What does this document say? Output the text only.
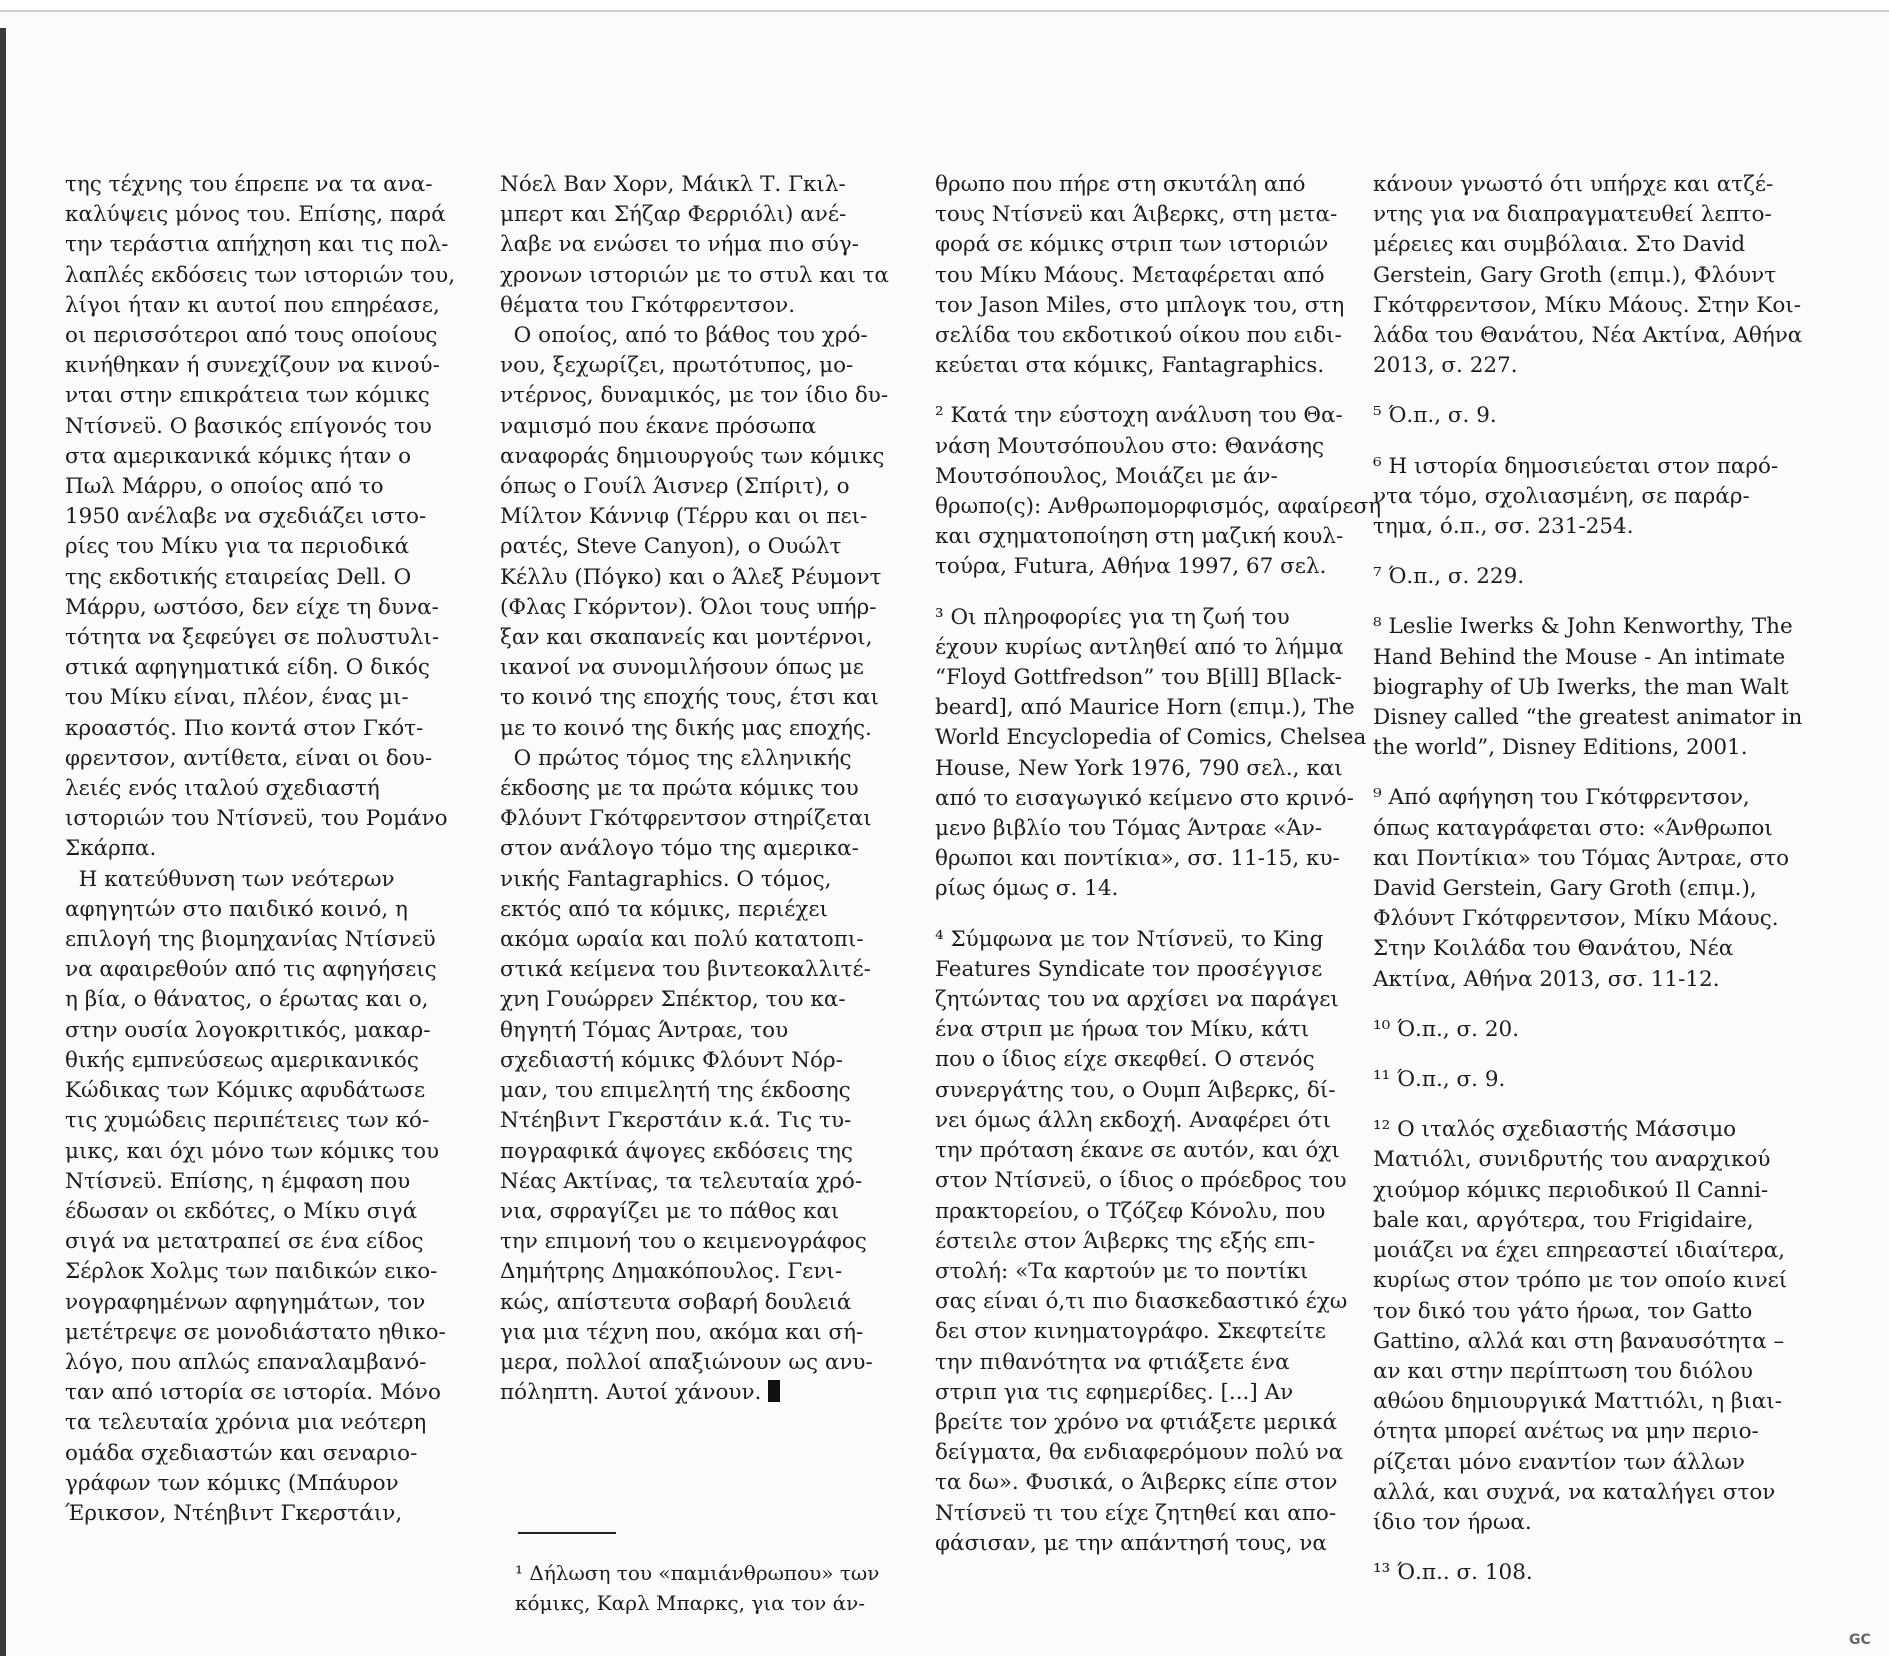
της τέχνης του έπρεπε να τα ανα-

καλύψεις μόνος του. Επίσης, παρά

την τεράστια απήχηση και τις πολ-

λαπλές εκδόσεις των ιστοριών του,

λίγοι ήταν κι αυτοί που επηρέασε,

οι περισσότεροι από τους οποίους

κινήθηκαν ή συνεχίζουν να κινού-

νται στην επικράτεια των κόμικς

Ντίσνεϋ. Ο βασικός επίγονός του

στα αμερικανικά κόμικς ήταν ο

Πωλ Μάρρυ, ο οποίος από το

1950 ανέλαβε να σχεδιάζει ιστο-

ρίες του Μίκυ για τα περιοδικά

της εκδοτικής εταιρείας Dell. Ο

Μάρρυ, ωστόσο, δεν είχε τη δυνα-

τότητα να ξεφεύγει σε πολυστυλι-

στικά αφηγηματικά είδη. Ο δικός

του Μίκυ είναι, πλέον, ένας μι-

κροαστός. Πιο κοντά στον Γκότ-

φρεντσον, αντίθετα, είναι οι δου-

λειές ενός ιταλού σχεδιαστή

ιστοριών του Ντίσνεϋ, του Ρομάνο

Σκάρπα.

Η κατεύθυνση των νεότερων

αφηγητών στο παιδικό κοινό, η

επιλογή της βιομηχανίας Ντίσνεϋ

να αφαιρεθούν από τις αφηγήσεις

η βία, ο θάνατος, ο έρωτας και ο,

στην ουσία λογοκριτικός, μακαρ-

θικής εμπνεύσεως αμερικανικός

Κώδικας των Κόμικς αφυδάτωσε

τις χυμώδεις περιπέτειες των κό-

μικς, και όχι μόνο των κόμικς του

Ντίσνεϋ. Επίσης, η έμφαση που

έδωσαν οι εκδότες, ο Μίκυ σιγά

σιγά να μετατραπεί σε ένα είδος

Σέρλοκ Χολμς των παιδικών εικο-

νογραφημένων αφηγημάτων, τον

μετέτρεψε σε μονοδιάστατο ηθικο-

λόγο, που απλώς επαναλαμβανό-

ταν από ιστορία σε ιστορία. Μόνο

τα τελευταία χρόνια μια νεότερη

ομάδα σχεδιαστών και σεναριο-

γράφων των κόμικς (Μπάυρον

Έρικσον, Ντέηβιντ Γκερστάιν,

Νόελ Βαν Χορν, Μάικλ Τ. Γκιλ-

μπερτ και Σήζαρ Φερριόλι) ανέ-

λαβε να ενώσει το νήμα πιο σύγ-

χρονων ιστοριών με το στυλ και τα

θέματα του Γκότφρεντσον.

Ο οποίος, από το βάθος του χρό-

νου, ξεχωρίζει, πρωτότυπος, μο-

ντέρνος, δυναμικός, με τον ίδιο δυ-

ναμισμό που έκανε πρόσωπα

αναφοράς δημιουργούς των κόμικς

όπως ο Γουίλ Άισνερ (Σπίριτ), ο

Μίλτον Κάννιφ (Τέρρυ και οι πει-

ρατές, Steve Canyon), ο Ουώλτ

Κέλλυ (Πόγκο) και ο Άλεξ Ρέυμοντ

(Φλας Γκόρντον). Όλοι τους υπήρ-

ξαν και σκαπανείς και μοντέρνοι,

ικανοί να συνομιλήσουν όπως με

το κοινό της εποχής τους, έτσι και

με το κοινό της δικής μας εποχής.

Ο πρώτος τόμος της ελληνικής

έκδοσης με τα πρώτα κόμικς του

Φλόυντ Γκότφρεντσον στηρίζεται

στον ανάλογο τόμο της αμερικα-

νικής Fantagraphics. Ο τόμος,

εκτός από τα κόμικς, περιέχει

ακόμα ωραία και πολύ κατατοπι-

στικά κείμενα του βιντεοκαλλιτέ-

χνη Γουώρρεν Σπέκτορ, του κα-

θηγητή Τόμας Άντραε, του

σχεδιαστή κόμικς Φλόυντ Νόρ-

μαν, του επιμελητή της έκδοσης

Ντέηβιντ Γκερστάιν κ.ά. Τις τυ-

πογραφικά άψογες εκδόσεις της

Νέας Ακτίνας, τα τελευταία χρό-

νια, σφραγίζει με το πάθος και

την επιμονή του ο κειμενογράφος

Δημήτρης Δημακόπουλος. Γενι-

κώς, απίστευτα σοβαρή δουλειά

για μια τέχνη που, ακόμα και σή-

μερα, πολλοί απαξιώνουν ως ανυ-

πόληπτη. Αυτοί χάνουν.

θρωπο που πήρε στη σκυτάλη από

τους Ντίσνεϋ και Άιβερκς, στη μετα-

φορά σε κόμικς στριπ των ιστοριών

του Μίκυ Μάους. Μεταφέρεται από

τον Jason Miles, στο μπλογκ του, στη

σελίδα του εκδοτικού οίκου που ειδι-

κεύεται στα κόμικς, Fantagraphics.

² Κατά την εύστοχη ανάλυση του Θα-

νάση Μουτσόπουλου στο: Θανάσης

Μουτσόπουλος, Μοιάζει με άν-

θρωπο(ς): Ανθρωπομορφισμός, αφαίρεση

και σχηματοποίηση στη μαζική κουλ-

τούρα, Futura, Αθήνα 1997, 67 σελ.

³ Οι πληροφορίες για τη ζωή του

έχουν κυρίως αντληθεί από το λήμμα

“Floyd Gottfredson” του B[ill] B[lack-

beard], από Maurice Horn (επιμ.), The

World Encyclopedia of Comics, Chelsea

House, New York 1976, 790 σελ., και

από το εισαγωγικό κείμενο στο κρινό-

μενο βιβλίο του Τόμας Άντραε «Άν-

θρωποι και ποντίκια», σσ. 11-15, κυ-

ρίως όμως σ. 14.

⁴ Σύμφωνα με τον Ντίσνεϋ, το King

Features Syndicate τον προσέγγισε

ζητώντας του να αρχίσει να παράγει

ένα στριπ με ήρωα τον Μίκυ, κάτι

που ο ίδιος είχε σκεφθεί. Ο στενός

συνεργάτης του, ο Ουμπ Άιβερκς, δί-

νει όμως άλλη εκδοχή. Αναφέρει ότι

την πρόταση έκανε σε αυτόν, και όχι

στον Ντίσνεϋ, ο ίδιος ο πρόεδρος του

πρακτορείου, ο Τζόζεφ Κόνολυ, που

έστειλε στον Άιβερκς της εξής επι-

στολή: «Τα καρτούν με το ποντίκι

σας είναι ό,τι πιο διασκεδαστικό έχω

δει στον κινηματογράφο. Σκεφτείτε

την πιθανότητα να φτιάξετε ένα

στριπ για τις εφημερίδες. [...] Αν

βρείτε τον χρόνο να φτιάξετε μερικά

δείγματα, θα ενδιαφερόμουν πολύ να

τα δω». Φυσικά, ο Άιβερκς είπε στον

Ντίσνεϋ τι του είχε ζητηθεί και απο-

φάσισαν, με την απάντησή τους, να

κάνουν γνωστό ότι υπήρχε και ατζέ-

ντης για να διαπραγματευθεί λεπτο-

μέρειες και συμβόλαια. Στο David

Gerstein, Gary Groth (επιμ.), Φλόυντ

Γκότφρεντσον, Μίκυ Μάους. Στην Κοι-

λάδα του Θανάτου, Νέα Ακτίνα, Αθήνα

2013, σ. 227.

⁵ Ό.π., σ. 9.

⁶ Η ιστορία δημοσιεύεται στον παρό-

ντα τόμο, σχολιασμένη, σε παράρ-

τημα, ό.π., σσ. 231-254.

⁷ Ό.π., σ. 229.

⁸ Leslie Iwerks & John Kenworthy, The

Hand Behind the Mouse - An intimate

biography of Ub Iwerks, the man Walt

Disney called “the greatest animator in

the world”, Disney Editions, 2001.

⁹ Από αφήγηση του Γκότφρεντσον,

όπως καταγράφεται στο: «Άνθρωποι

και Ποντίκια» του Τόμας Άντραε, στο

David Gerstein, Gary Groth (επιμ.),

Φλόυντ Γκότφρεντσον, Μίκυ Μάους.

Στην Κοιλάδα του Θανάτου, Νέα

Ακτίνα, Αθήνα 2013, σσ. 11-12.

¹⁰ Ό.π., σ. 20.

¹¹ Ό.π., σ. 9.

¹² Ο ιταλός σχεδιαστής Μάσσιμο

Ματιόλι, συνιδρυτής του αναρχικού

χιούμορ κόμικς περιοδικού Il Canni-

bale και, αργότερα, του Frigidaire,

μοιάζει να έχει επηρεαστεί ιδιαίτερα,

κυρίως στον τρόπο με τον οποίο κινεί

τον δικό του γάτο ήρωα, τον Gatto

Gattino, αλλά και στη βαναυσότητα –

αν και στην περίπτωση του διόλου

αθώου δημιουργικά Ματτιόλι, η βιαι-

ότητα μπορεί ανέτως να μην περιο-

ρίζεται μόνο εναντίον των άλλων

αλλά, και συχνά, να καταλήγει στον

ίδιο τον ήρωα.

¹³ Ό.π.. σ. 108.

¹ Δήλωση του «παμιάνθρωπου» των

κόμικς, Καρλ Μπαρκς, για τον άν-

GC
